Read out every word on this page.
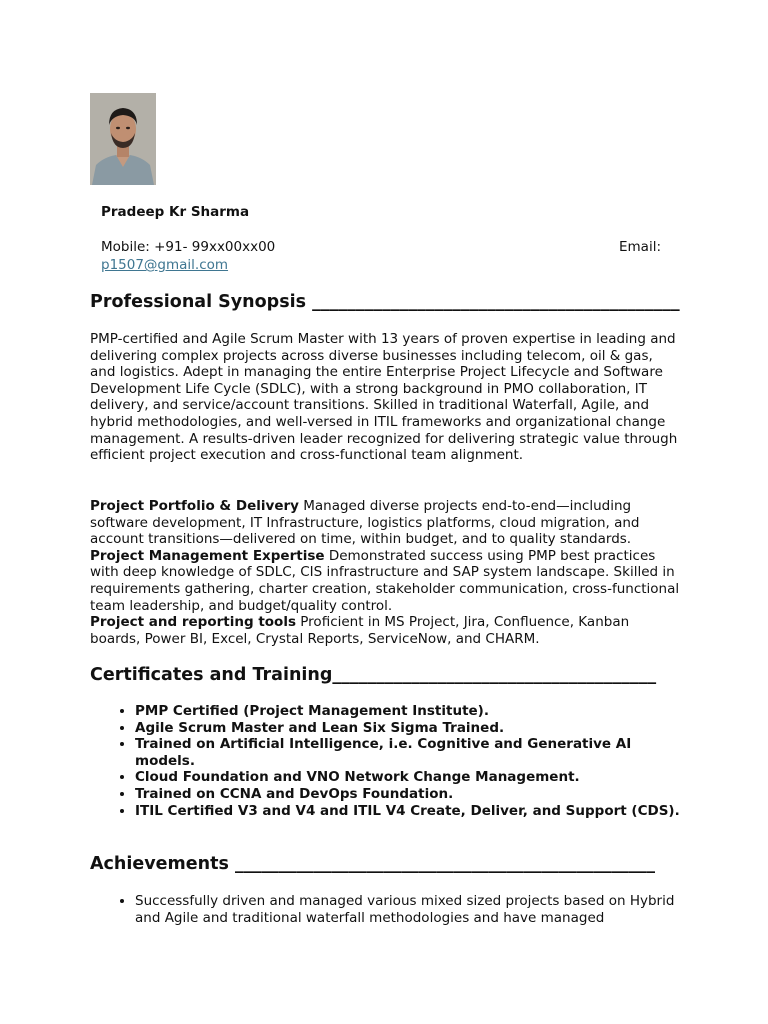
Pradeep Kr Sharma
Mobile: +91- 99xx00xx00	Email:
p1507@gmail.com
Professional Synopsis __________________________________________

PMP-certified and Agile Scrum Master with 13 years of proven expertise in leading and delivering complex projects across diverse businesses including telecom, oil & gas, and logistics. Adept in managing the entire Enterprise Project Lifecycle and Software Development Life Cycle (SDLC), with a strong background in PMO collaboration, IT delivery, and service/account transitions. Skilled in traditional Waterfall, Agile, and hybrid methodologies, and well-versed in ITIL frameworks and organizational change management. A results-driven leader recognized for delivering strategic value through efficient project execution and cross-functional team alignment.

Project Portfolio & Delivery Managed diverse projects end-to-end—including software development, IT Infrastructure, logistics platforms, cloud migration, and account transitions—delivered on time, within budget, and to quality standards.
Project Management Expertise Demonstrated success using PMP best practices with deep knowledge of SDLC, CIS infrastructure and SAP system landscape. Skilled in requirements gathering, charter creation, stakeholder communication, cross-functional team leadership, and budget/quality control.
Project and reporting tools Proficient in MS Project, Jira, Confluence, Kanban boards, Power BI, Excel, Crystal Reports, ServiceNow, and CHARM.

Certificates and Training_____________________________________
• PMP Certified (Project Management Institute).
• Agile Scrum Master and Lean Six Sigma Trained.
• Trained on Artificial Intelligence, i.e. Cognitive and Generative AI models.
• Cloud Foundation and VNO Network Change Management.
• Trained on CCNA and DevOps Foundation.
• ITIL Certified V3 and V4 and ITIL V4 Create, Deliver, and Support (CDS).
Achievements ________________________________________________
• Successfully driven and managed various mixed sized projects based on Hybrid and Agile and traditional waterfall methodologies and have managed
